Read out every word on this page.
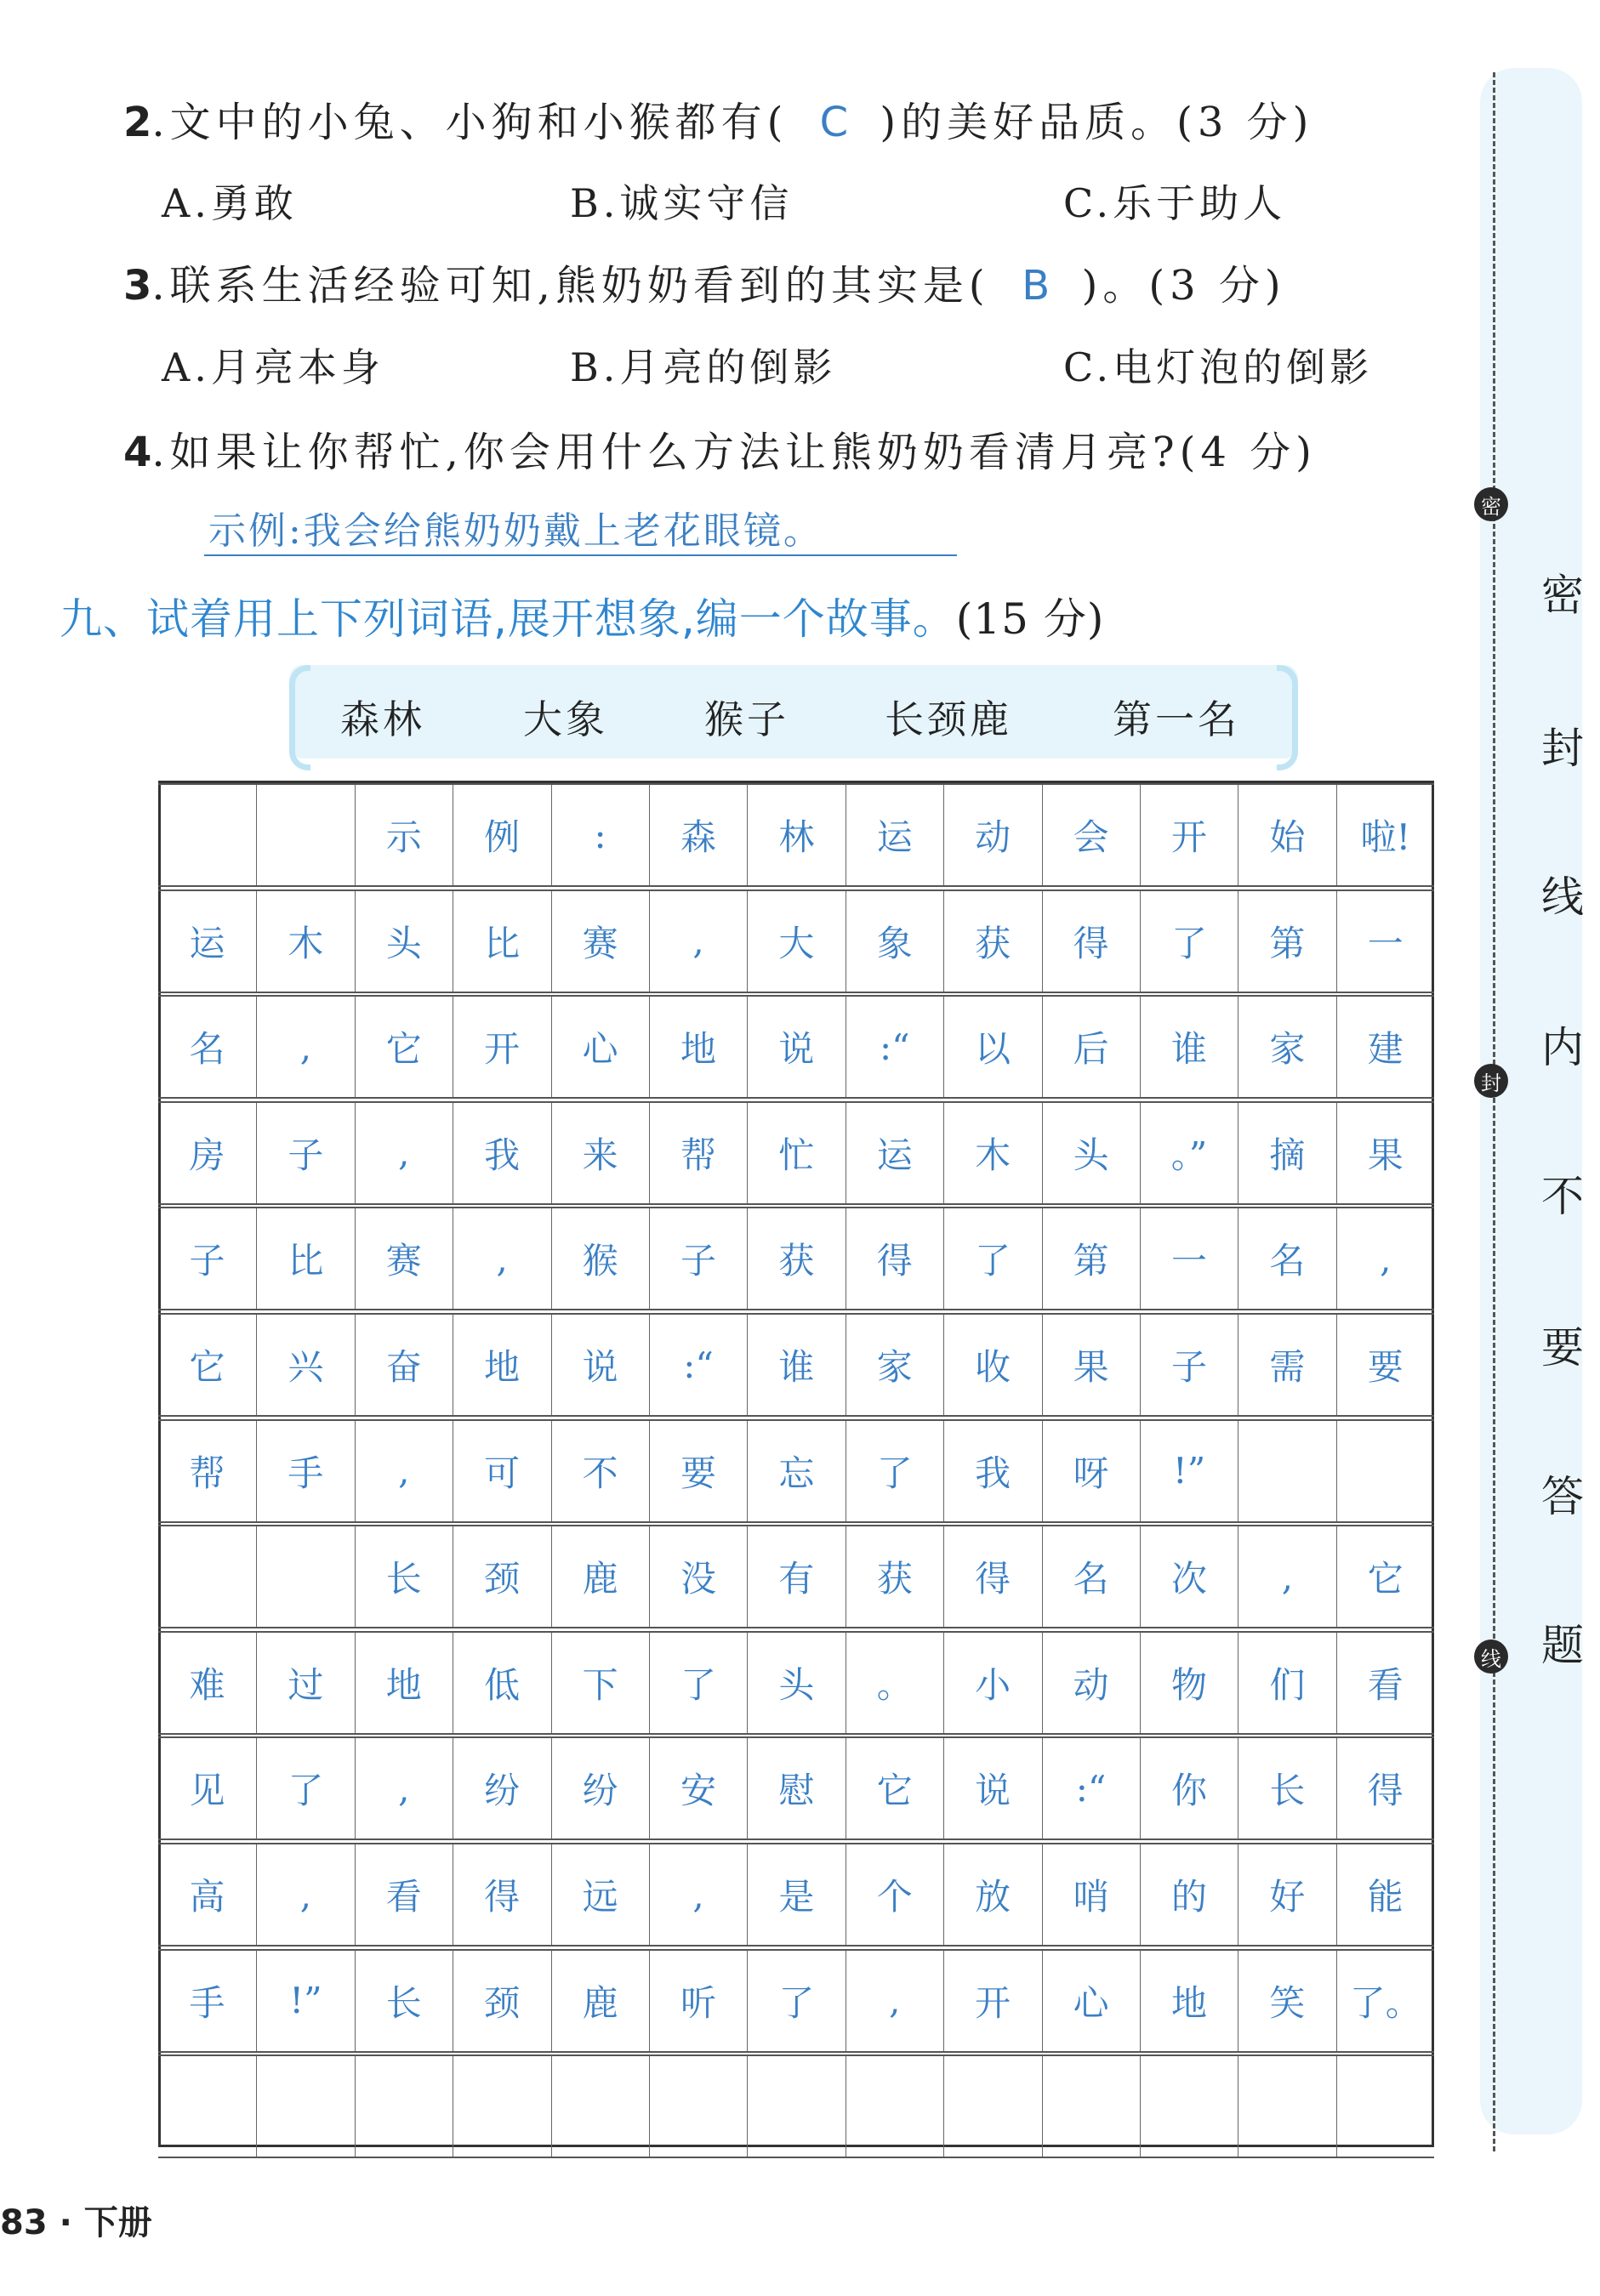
密
封
线
密
封
线
内
不
要
答
题
2.文中的小兔、小狗和小猴都有( C )的美好品质。(3 分)
A.勇敢	B.诚实守信	C.乐于助人
3.联系生活经验可知,熊奶奶看到的其实是( B )。(3 分)
A.月亮本身	B.月亮的倒影	C.电灯泡的倒影
4.如果让你帮忙,你会用什么方法让熊奶奶看清月亮?(4 分)
示例:我会给熊奶奶戴上老花眼镜。
九、试着用上下列词语,展开想象,编一个故事。(15 分)
森林	大象 猴子 长颈鹿	第一名
示	例	:	森	林	运	动	会	开	始	啦!
运	木	头	比	赛	,	大	象	获	得	了	第	一
名	,	它	开	心	地	说	:“	以	后	谁	家	建
房	子	,	我	来	帮	忙	运	木	头	。”	摘	果
子	比	赛	,	猴	子	获	得	了	第	一	名	,
它	兴	奋	地	说	:“	谁	家	收	果	子	需	要
帮	手	,	可	不	要	忘	了	我	呀	!”
长	颈	鹿	没	有	获	得	名	次	,	它
难	过	地	低	下	了	头	。	小	动	物	们	看
见	了	,	纷	纷	安	慰	它	说	:“	你	长	得
高	,	看	得	远	,	是	个	放	哨	的	好	能
手	!”	长	颈	鹿	听	了	,	开	心	地	笑	了。
83 · 下册
